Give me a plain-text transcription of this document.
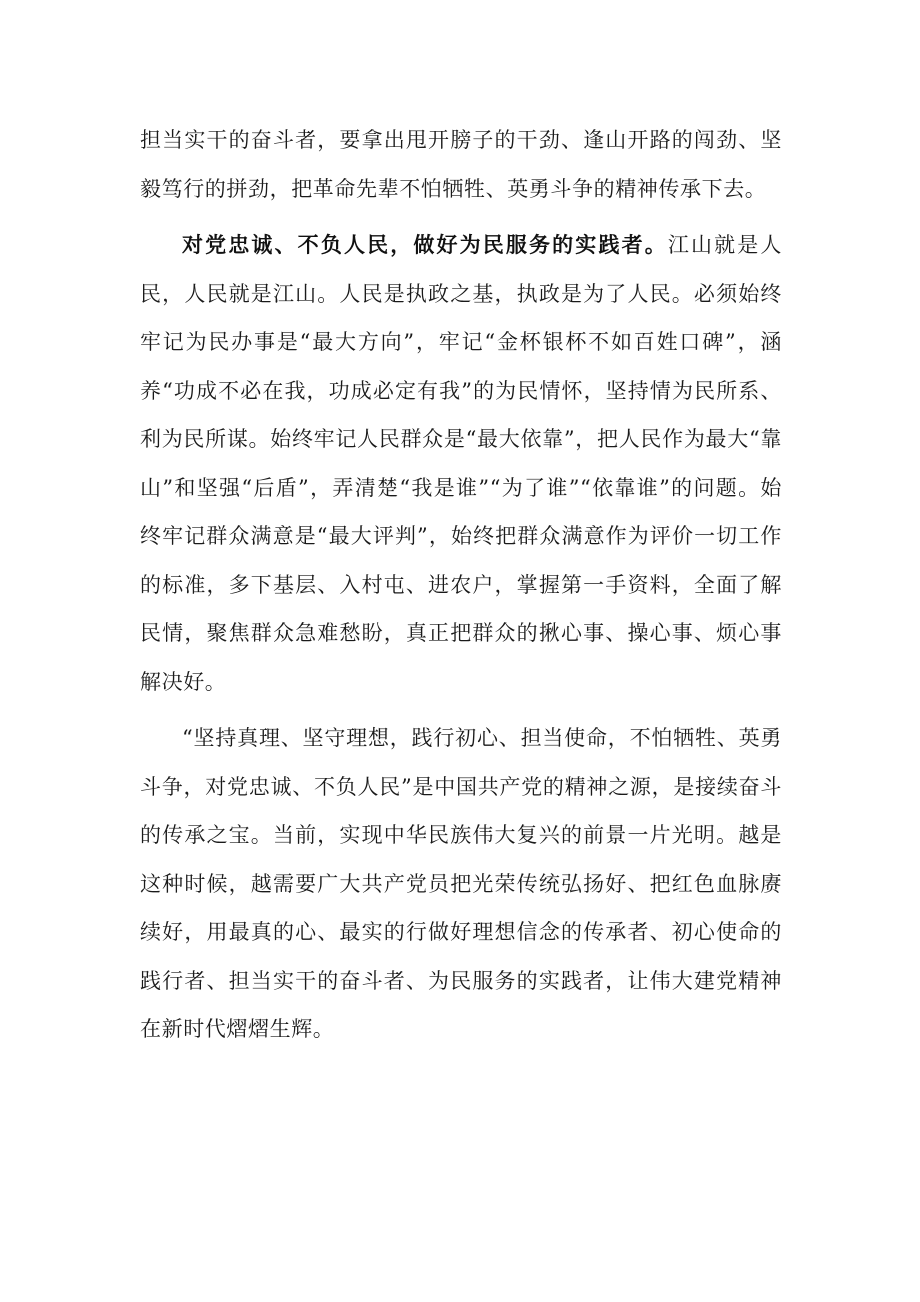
担当实干的奋斗者，要拿出甩开膀子的干劲、逢山开路的闯劲、坚毅笃行的拼劲，把革命先辈不怕牺牲、英勇斗争的精神传承下去。

对党忠诚、不负人民，做好为民服务的实践者。江山就是人民，人民就是江山。人民是执政之基，执政是为了人民。必须始终牢记为民办事是“最大方向”，牢记“金杯银杯不如百姓口碑”，涵养“功成不必在我，功成必定有我”的为民情怀，坚持情为民所系、利为民所谋。始终牢记人民群众是“最大依靠”，把人民作为最大“靠山”和坚强“后盾”，弄清楚“我是谁”“为了谁”“依靠谁”的问题。始终牢记群众满意是“最大评判”，始终把群众满意作为评价一切工作的标准，多下基层、入村屯、进农户，掌握第一手资料，全面了解民情，聚焦群众急难愁盼，真正把群众的揪心事、操心事、烦心事解决好。

“坚持真理、坚守理想，践行初心、担当使命，不怕牺牲、英勇斗争，对党忠诚、不负人民”是中国共产党的精神之源，是接续奋斗的传承之宝。当前，实现中华民族伟大复兴的前景一片光明。越是这种时候，越需要广大共产党员把光荣传统弘扬好、把红色血脉赓续好，用最真的心、最实的行做好理想信念的传承者、初心使命的践行者、担当实干的奋斗者、为民服务的实践者，让伟大建党精神在新时代熠熠生辉。
